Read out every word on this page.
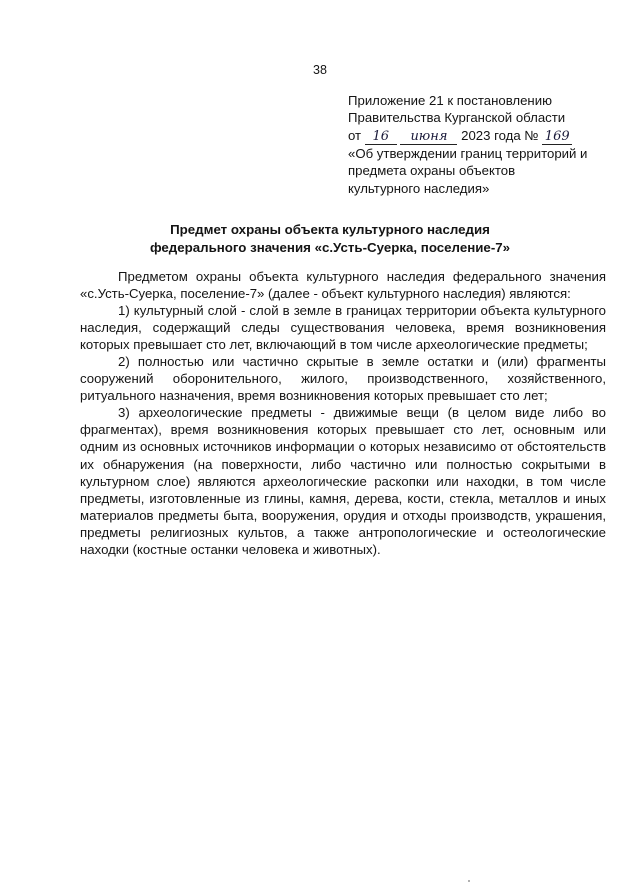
38
Приложение 21 к постановлению
Правительства Курганской области
от 16 июня 2023 года № 169
«Об утверждении границ территорий и
предмета охраны объектов
культурного наследия»
Предмет охраны объекта культурного наследия
федерального значения «с.Усть-Суерка, поселение-7»

Предметом охраны объекта культурного наследия федерального значения «с.Усть-Суерка, поселение-7» (далее - объект культурного наследия) являются:

1) культурный слой - слой в земле в границах территории объекта культурного наследия, содержащий следы существования человека, время возникновения которых превышает сто лет, включающий в том числе археологические предметы;

2) полностью или частично скрытые в земле остатки и (или) фрагменты сооружений оборонительного, жилого, производственного, хозяйственного, ритуального назначения, время возникновения которых превышает сто лет;

3) археологические предметы - движимые вещи (в целом виде либо во фрагментах), время возникновения которых превышает сто лет, основным или одним из основных источников информации о которых независимо от обстоятельств их обнаружения (на поверхности, либо частично или полностью сокрытыми в культурном слое) являются археологические раскопки или находки, в том числе предметы, изготовленные из глины, камня, дерева, кости, стекла, металлов и иных материалов предметы быта, вооружения, орудия и отходы производств, украшения, предметы религиозных культов, а также антропологические и остеологические находки (костные останки человека и животных).
